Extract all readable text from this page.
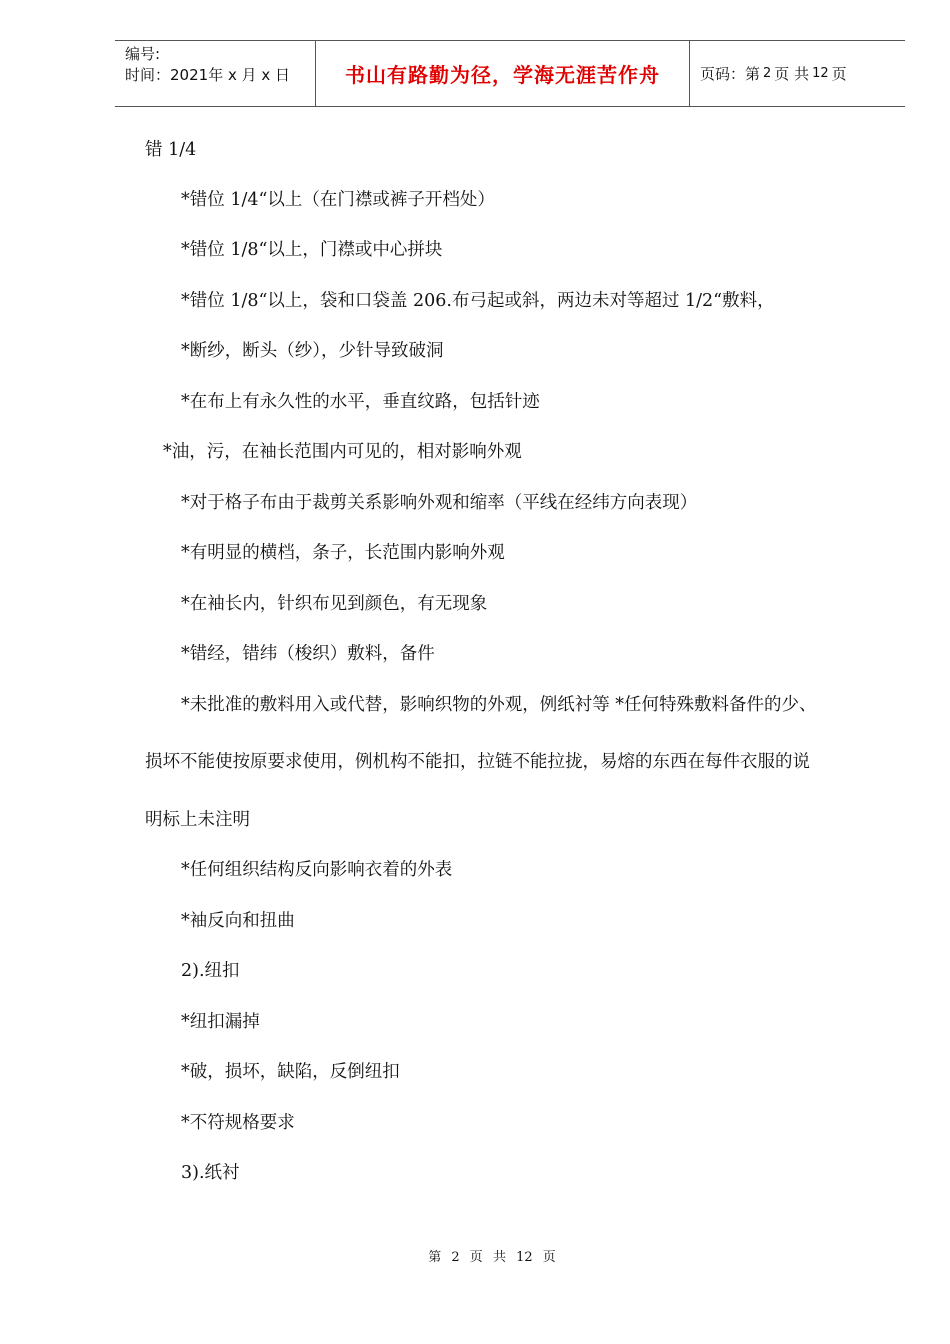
编号:
时间：2021年 x 月 x 日	书山有路勤为径，学海无涯苦作舟	页码：第 2 页 共 12 页
错 1/4
*错位 1/4“以上（在门襟或裤子开档处）
*错位 1/8“以上，门襟或中心拼块
*错位 1/8“以上，袋和口袋盖 206.布弓起或斜，两边未对等超过 1/2“敷料，
*断纱，断头（纱），少针导致破洞
*在布上有永久性的水平，垂直纹路，包括针迹
*油，污，在袖长范围内可见的，相对影响外观
*对于格子布由于裁剪关系影响外观和缩率（平线在经纬方向表现）
*有明显的横档，条子，长范围内影响外观
*在袖长内，针织布见到颜色，有无现象
*错经，错纬（梭织）敷料，备件
*未批准的敷料用入或代替，影响织物的外观，例纸衬等 *任何特殊敷料备件的少、
损坏不能使按原要求使用，例机构不能扣，拉链不能拉拢，易熔的东西在每件衣服的说
明标上未注明
*任何组织结构反向影响衣着的外表
*袖反向和扭曲
2).纽扣
*纽扣漏掉
*破，损坏，缺陷，反倒纽扣
*不符规格要求
3).纸衬
第 2 页 共 12 页
